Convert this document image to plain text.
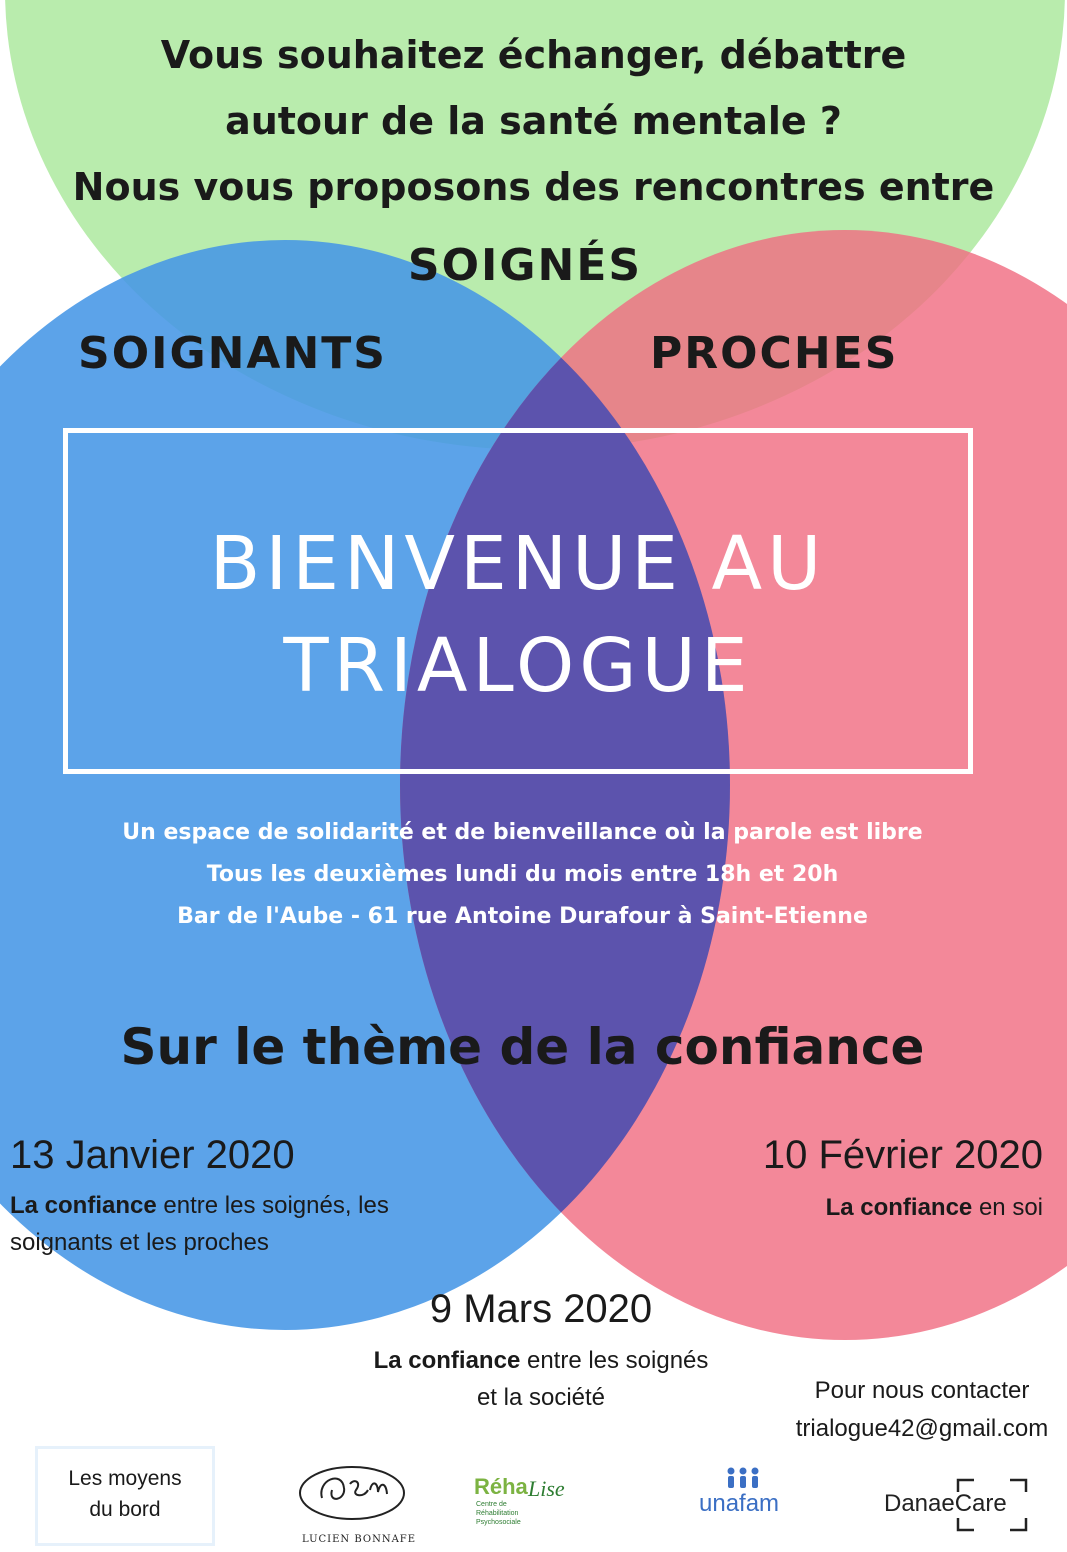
Vous souhaitez échanger, débattre
autour de la santé mentale ?
Nous vous proposons des rencontres entre
SOIGNÉS
SOIGNANTS	PROCHES
BIENVENUE AU
TRIALOGUE
Un espace de solidarité et de bienveillance où la parole est libre
Tous les deuxièmes lundi du mois entre 18h et 20h
Bar de l'Aube - 61 rue Antoine Durafour à Saint-Etienne
Sur le thème de la confiance
13 Janvier 2020
La confiance entre les soignés, les soignants et les proches
10 Février 2020
La confiance en soi
9 Mars 2020
La confiance entre les soignés
et la société	Pour nous contacter
trialogue42@gmail.com
Les moyens
du bord
LUCIEN BONNAFE
Réha Lise
Centre de
Réhabilitation
Psychosociale
unafam	DanaeCare
